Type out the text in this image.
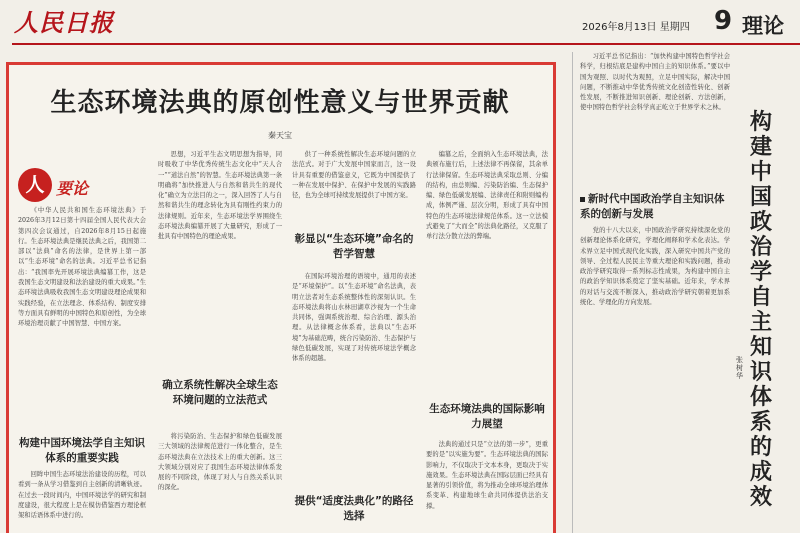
人民日报	2026年8月13日 星期四 9 理论
生态环境法典的原创性意义与世界贡献
秦天宝
人 要论

《中华人民共和国生态环境法典》于2026年3月12日第十四届全国人民代表大会第四次会议通过，自2026年8月15日起施行。生态环境法典是继民法典之后，我国第二部以“法典”命名的法律，是世界上第一部以“生态环境”命名的法典。习近平总书记指出：“我国率先开展环境法典编纂工作，这是我国生态文明建设和法治建设的重大成果。”生态环境法典吸收我国生态文明建设理论成果和实践经验，在立法理念、体系结构、制度安排等方面具有鲜明的中国特色和原创性，为全球环境治理贡献了中国智慧、中国方案。

构建中国环境法学自主知识体系的重要实践

回眸中国生态环境法治建设的历程，可以看到一条从学习借鉴到自主创新的清晰轨迹。在过去一段时间内，中国环境法学的研究和制度建设，很大程度上是在模仿借鉴西方理论框架和话语体系中进行的。

思想，习近平生态文明思想为指导，同时吸收了中华优秀传统生态文化中“天人合一”“道法自然”的智慧。生态环境法典第一条明确将“加快推进人与自然和谐共生的现代化”确立为立法目的之一，深入回答了人与自然和谐共生的理念转化为具有刚性约束力的法律规则。近年来，生态环境法学界围绕生态环境法典编纂开展了大量研究，形成了一批具有中国特色的理论成果。

确立系统性解决全球生态环境问题的立法范式

将污染防治、生态保护和绿色低碳发展三大领域的法律规范进行一体化整合，是生态环境法典在立法技术上的重大创新。这三大领域分别对应了我国生态环境法律体系发展的不同阶段，体现了对人与自然关系认识的深化。

供了一种系统性解决生态环境问题的立法范式。对于广大发展中国家而言，这一设计具有重要的借鉴意义，它既为中国提供了一种在发展中保护、在保护中发展的实践路径，也为全球可持续发展提供了中国方案。

彰显以“生态环境”命名的哲学智慧

在国际环境治理的语境中，通用的表述是“环境保护”。以“生态环境”命名法典，表明立法者对生态系统整体性的深刻认识。生态环境法典将山水林田湖草沙视为一个生命共同体，强调系统治理、综合治理、源头治理。从法律概念体系看，法典以“生态环境”为基础范畴，统合污染防治、生态保护与绿色低碳发展，实现了对传统环境法学概念体系的超越。

提供“适度法典化”的路径选择

编纂之后，全面纳入生态环境法典，法典颁布施行后，上述法律不再保留，其余单行法律保留。生态环境法典采取总则、分编的结构，由总则编、污染防治编、生态保护编、绿色低碳发展编、法律责任和附则编构成，体例严谨、层次分明，形成了具有中国特色的生态环境法律规范体系。这一立法模式避免了“大而全”的法典化路径，又克服了单行法分散立法的弊端。

生态环境法典的国际影响力展望

法典的通过只是“立法的第一步”，更重要的是“以实施为要”。生态环境法典的国际影响力，不仅取决于文本本身，更取决于实施效果。生态环境法典在国际层面已经具有显著的引领价值，将为推动全球环境治理体系变革、构建地球生命共同体提供法治支撑。

习近平总书记指出：“加快构建中国特色哲学社会科学，归根结底是建构中国自主的知识体系。”要以中国为观照、以时代为观照，立足中国实际，解决中国问题，不断推动中华优秀传统文化创造性转化、创新性发展，不断推进知识创新、理论创新、方法创新，使中国特色哲学社会科学真正屹立于世界学术之林。

新时代中国政治学自主知识体系的创新与发展

党的十八大以来，中国政治学研究持续深化党的创新理论体系化研究，学理化阐释和学术化表达。学术界立足中国式现代化实践，深入研究中国共产党的领导、全过程人民民主等重大理论和实践问题，推动政治学研究取得一系列标志性成果，为构建中国自主的政治学知识体系奠定了坚实基础。近年来，学术界的对话与交流不断深入，推动政治学研究朝着更加系统化、学理化的方向发展。

构建中国政治学自主知识体系的成效
张树华
